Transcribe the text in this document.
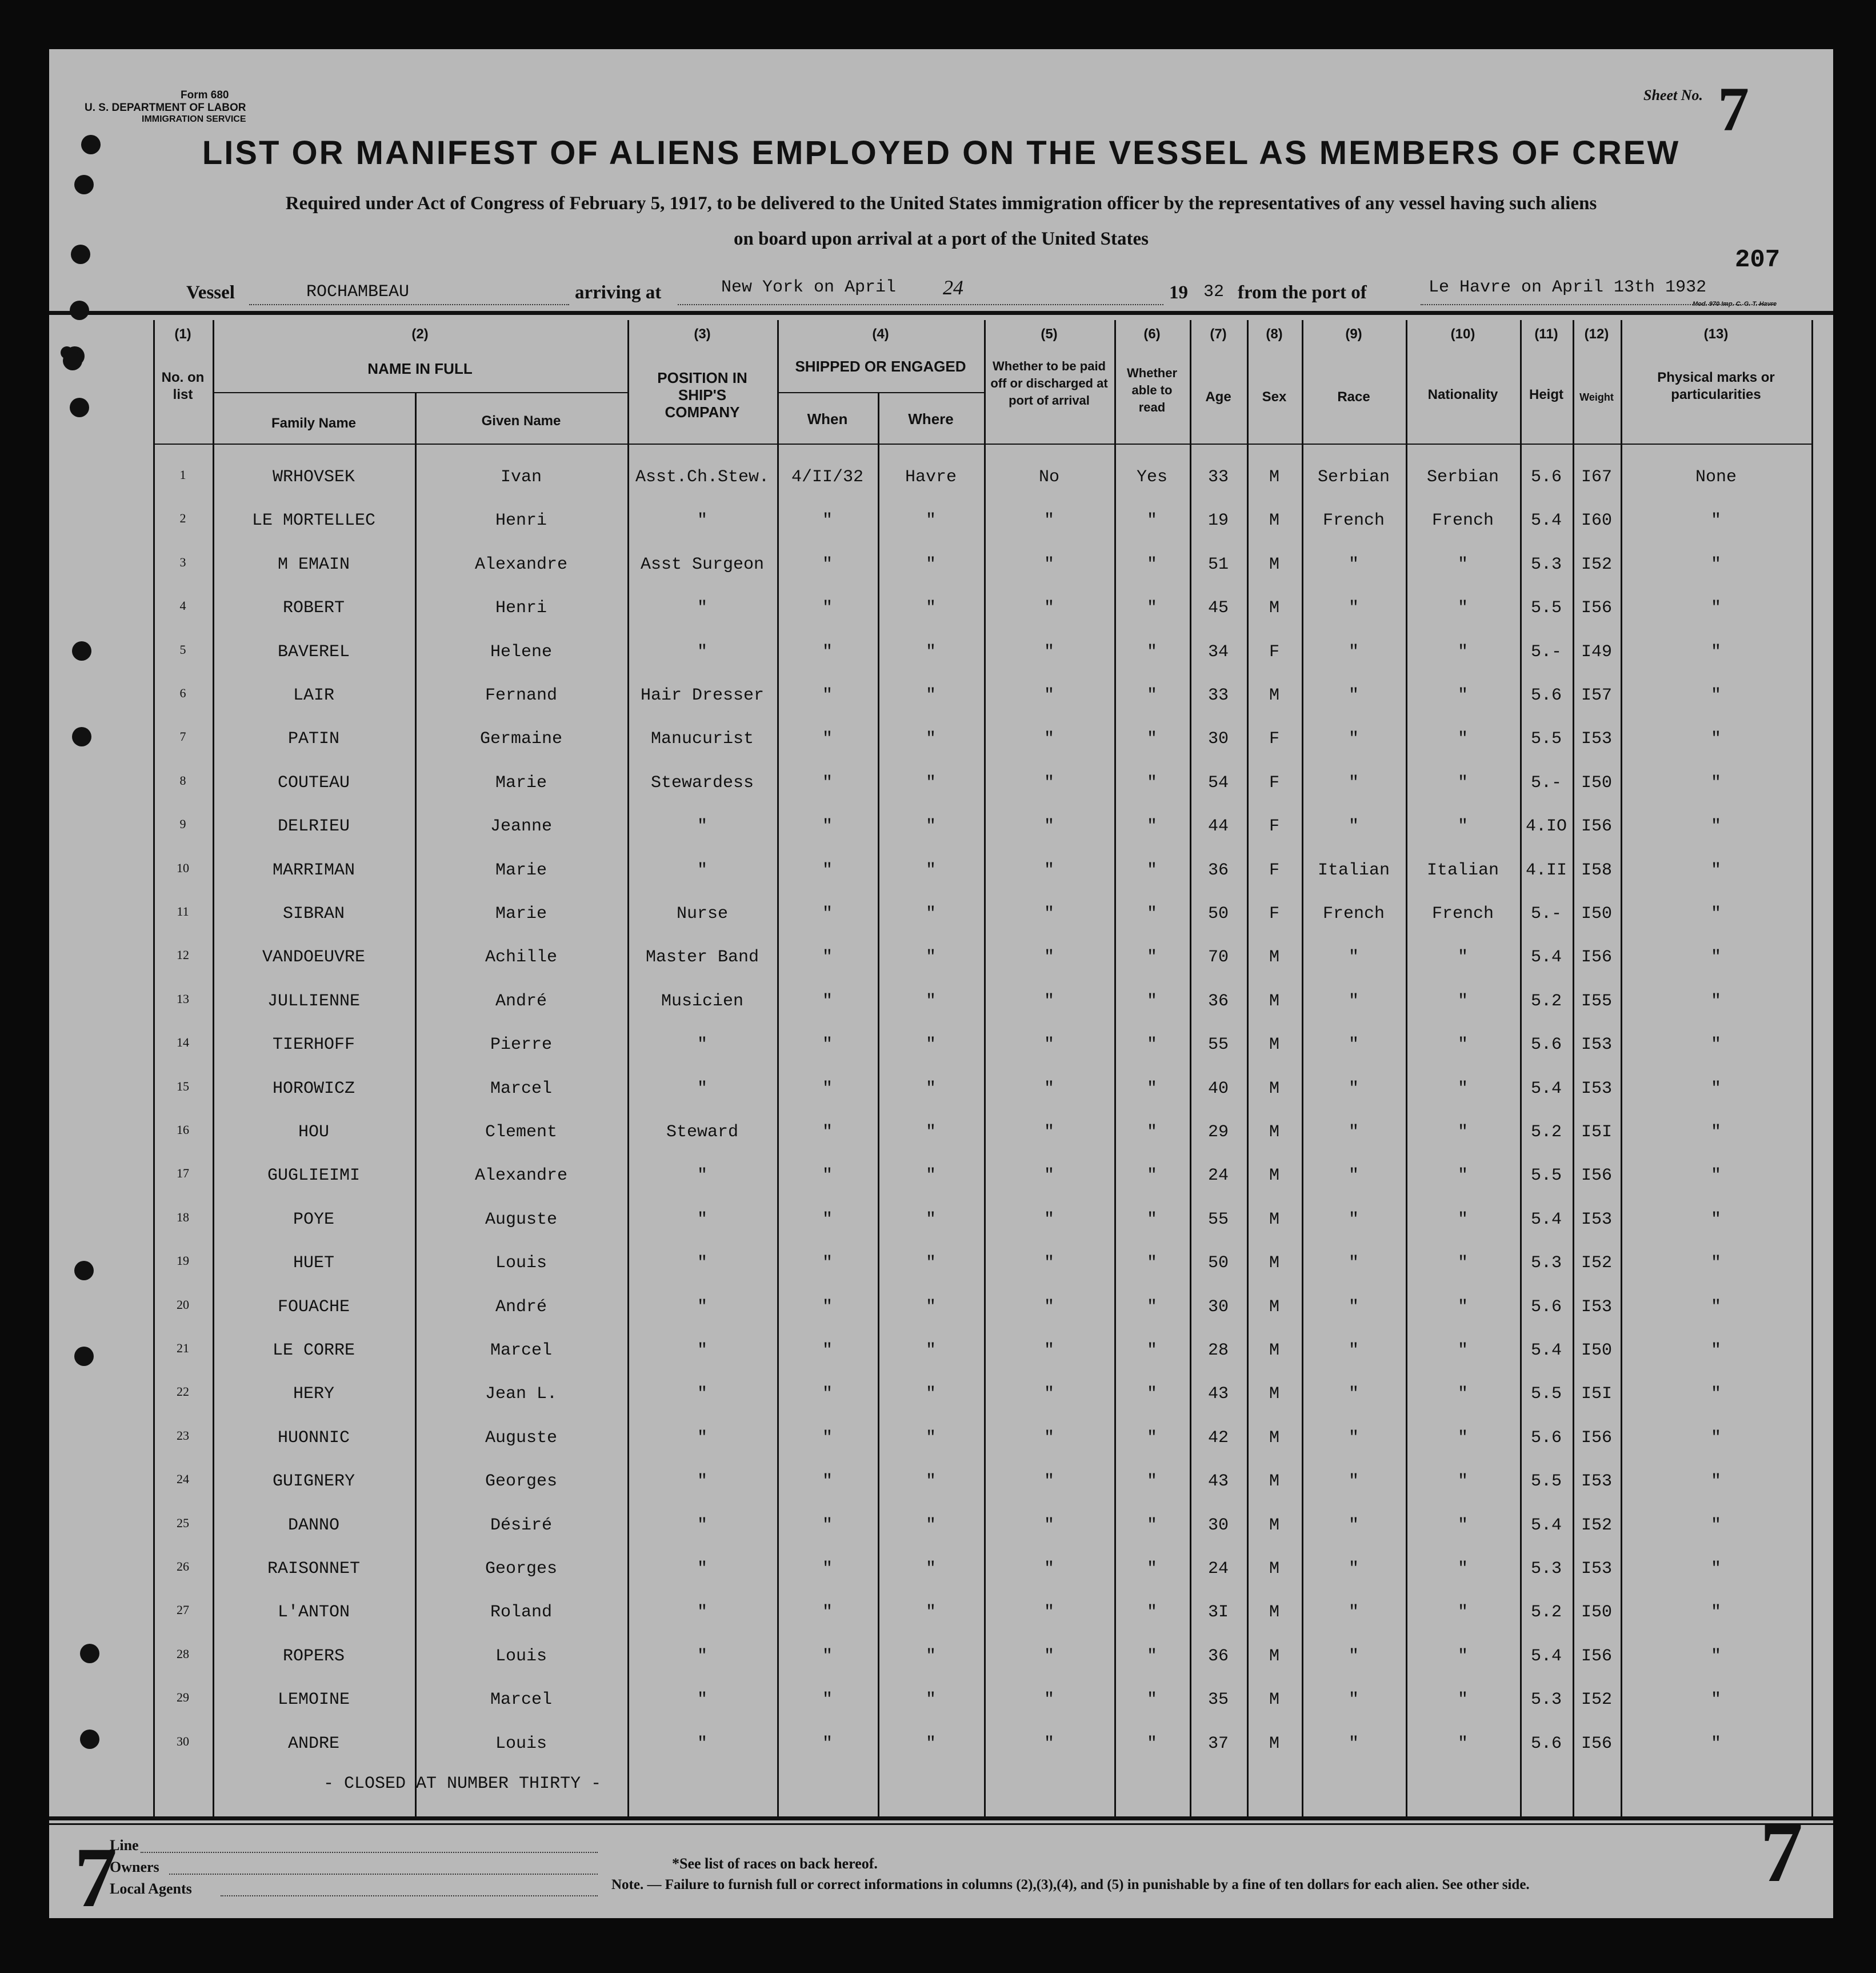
Form 680
U. S. DEPARTMENT OF LABOR
IMMIGRATION SERVICE
Sheet No. 7
LIST OR MANIFEST OF ALIENS EMPLOYED ON THE VESSEL AS MEMBERS OF CREW
Required under Act of Congress of February 5, 1917, to be delivered to the United States immigration officer by the representatives of any vessel having such aliens
on board upon arrival at a port of the United States
207
Vessel	ROCHAMBEAU	arriving at	New York on April 24	19 32 from the port of	Le Havre on April 13th 1932
Mod. 970 Imp. C. G. T. Havre
(1)
No. on list
(2)
NAME IN FULL
Family Name	Given Name
(3)
POSITION IN SHIP'S COMPANY
(4)
SHIPPED OR ENGAGED
When	Where
(5)
Whether to be paid off or discharged at port of arrival
(6)
Whether able to read
(7)
Age
(8)
Sex
(9)
Race
(10)
Nationality
(11)
Heigt
(12)
Weight
(13)
Physical marks or particularities
1	WRHOVSEK	Ivan	Asst.Ch.Stew.	4/II/32	Havre	No	Yes	33	M	Serbian	Serbian	5.6	I67	None
2	LE MORTELLEC	Henri	"	"	"	"	"	19	M	French	French	5.4	I60	"
3	M EMAIN	Alexandre	Asst Surgeon	"	"	"	"	51	M	"	"	5.3	I52	"
4	ROBERT	Henri	"	"	"	"	"	45	M	"	"	5.5	I56	"
5	BAVEREL	Helene	"	"	"	"	"	34	F	"	"	5.-	I49	"
6	LAIR	Fernand	Hair Dresser	"	"	"	"	33	M	"	"	5.6	I57	"
7	PATIN	Germaine	Manucurist	"	"	"	"	30	F	"	"	5.5	I53	"
8	COUTEAU	Marie	Stewardess	"	"	"	"	54	F	"	"	5.-	I50	"
9	DELRIEU	Jeanne	"	"	"	"	"	44	F	"	"	4.IO I56	"
10	MARRIMAN	Marie	"	"	"	"	"	36	F	Italian	Italian	4.II I58	"
11	SIBRAN	Marie	Nurse	"	"	"	"	50	F	French	French	5.-	I50	"
12	VANDOEUVRE	Achille	Master Band	"	"	"	"	70	M	"	"	5.4	I56	"
13	JULLIENNE	André	Musicien	"	"	"	"	36	M	"	"	5.2	I55	"
14	TIERHOFF	Pierre	"	"	"	"	"	55	M	"	"	5.6	I53	"
15	HOROWICZ	Marcel	"	"	"	"	"	40	M	"	"	5.4	I53	"
16	HOU	Clement	Steward	"	"	"	"	29	M	"	"	5.2	I5I	"
17	GUGLIEIMI	Alexandre	"	"	"	"	"	24	M	"	"	5.5	I56	"
18	POYE	Auguste	"	"	"	"	"	55	M	"	"	5.4	I53	"
19	HUET	Louis	"	"	"	"	"	50	M	"	"	5.3	I52	"
20	FOUACHE	André	"	"	"	"	"	30	M	"	"	5.6	I53	"
21	LE CORRE	Marcel	"	"	"	"	"	28	M	"	"	5.4	I50	"
22	HERY	Jean L.	"	"	"	"	"	43	M	"	"	5.5	I5I	"
23	HUONNIC	Auguste	"	"	"	"	"	42	M	"	"	5.6	I56	"
24	GUIGNERY	Georges	"	"	"	"	"	43	M	"	"	5.5	I53	"
25	DANNO	Désiré	"	"	"	"	"	30	M	"	"	5.4	I52	"
26	RAISONNET	Georges	"	"	"	"	"	24	M	"	"	5.3	I53	"
27	L'ANTON	Roland	"	"	"	"	"	3I	M	"	"	5.2	I50	"
28	ROPERS	Louis	"	"	"	"	"	36	M	"	"	5.4	I56	"
29	LEMOINE	Marcel	"	"	"	"	"	35	M	"	"	5.3	I52	"
30	ANDRE	Louis	"	"	"	"	"	37	M	"	"	5.6	I56	"
- CLOSED AT NUMBER THIRTY -
Line
Owners
Local Agents
*See list of races on back hereof.
Note. — Failure to furnish full or correct informations in columns (2),(3),(4), and (5) in punishable by a fine of ten dollars for each alien. See other side.
7	7
